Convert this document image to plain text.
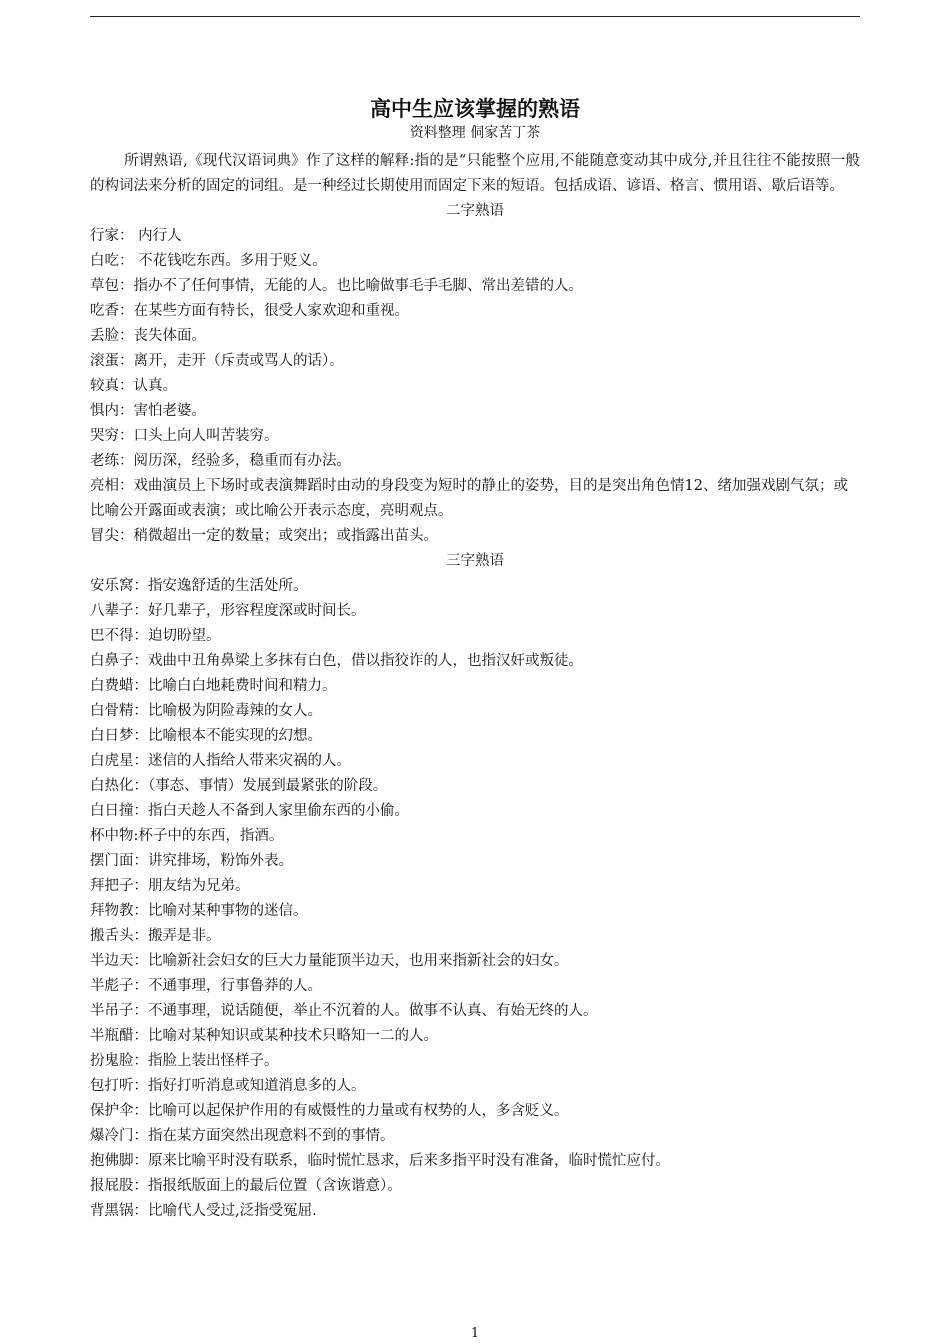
高中生应该掌握的熟语

资料整理 侗家苦丁茶

所谓熟语,《现代汉语词典》作了这样的解释:指的是“只能整个应用,不能随意变动其中成分,并且往往不能按照一般的构词法来分析的固定的词组。是一种经过长期使用而固定下来的短语。包括成语、谚语、格言、惯用语、歇后语等。

二字熟语

行家： 内行人

白吃： 不花钱吃东西。多用于贬义。

草包：指办不了任何事情，无能的人。也比喻做事毛手毛脚、常出差错的人。

吃香：在某些方面有特长，很受人家欢迎和重视。

丢脸：丧失体面。

滚蛋：离开，走开（斥责或骂人的话）。

较真：认真。

惧内：害怕老婆。

哭穷：口头上向人叫苦装穷。

老练：阅历深，经验多，稳重而有办法。

亮相：戏曲演员上下场时或表演舞蹈时由动的身段变为短时的静止的姿势，目的是突出角色情12、绪加强戏剧气氛；或比喻公开露面或表演；或比喻公开表示态度，亮明观点。

冒尖：稍微超出一定的数量；或突出；或指露出苗头。

三字熟语

安乐窝：指安逸舒适的生活处所。

八辈子：好几辈子，形容程度深或时间长。

巴不得：迫切盼望。

白鼻子：戏曲中丑角鼻梁上多抹有白色，借以指狡诈的人，也指汉奸或叛徒。

白费蜡：比喻白白地耗费时间和精力。

白骨精：比喻极为阴险毒辣的女人。

白日梦：比喻根本不能实现的幻想。

白虎星：迷信的人指给人带来灾祸的人。

白热化：（事态、事情）发展到最紧张的阶段。

白日撞：指白天趁人不备到人家里偷东西的小偷。

杯中物:杯子中的东西，指酒。

摆门面：讲究排场，粉饰外表。

拜把子：朋友结为兄弟。

拜物教：比喻对某种事物的迷信。

搬舌头：搬弄是非。

半边天：比喻新社会妇女的巨大力量能顶半边天，也用来指新社会的妇女。

半彪子：不通事理，行事鲁莽的人。

半吊子：不通事理，说话随便，举止不沉着的人。做事不认真、有始无终的人。

半瓶醋：比喻对某种知识或某种技术只略知一二的人。

扮鬼脸：指脸上装出怪样子。

包打听：指好打听消息或知道消息多的人。

保护伞：比喻可以起保护作用的有威慑性的力量或有权势的人，多含贬义。

爆冷门：指在某方面突然出现意料不到的事情。

抱佛脚：原来比喻平时没有联系，临时慌忙恳求，后来多指平时没有准备，临时慌忙应付。

报屁股：指报纸版面上的最后位置（含诙谐意）。

背黑锅：比喻代人受过,泛指受冤屈.

1
